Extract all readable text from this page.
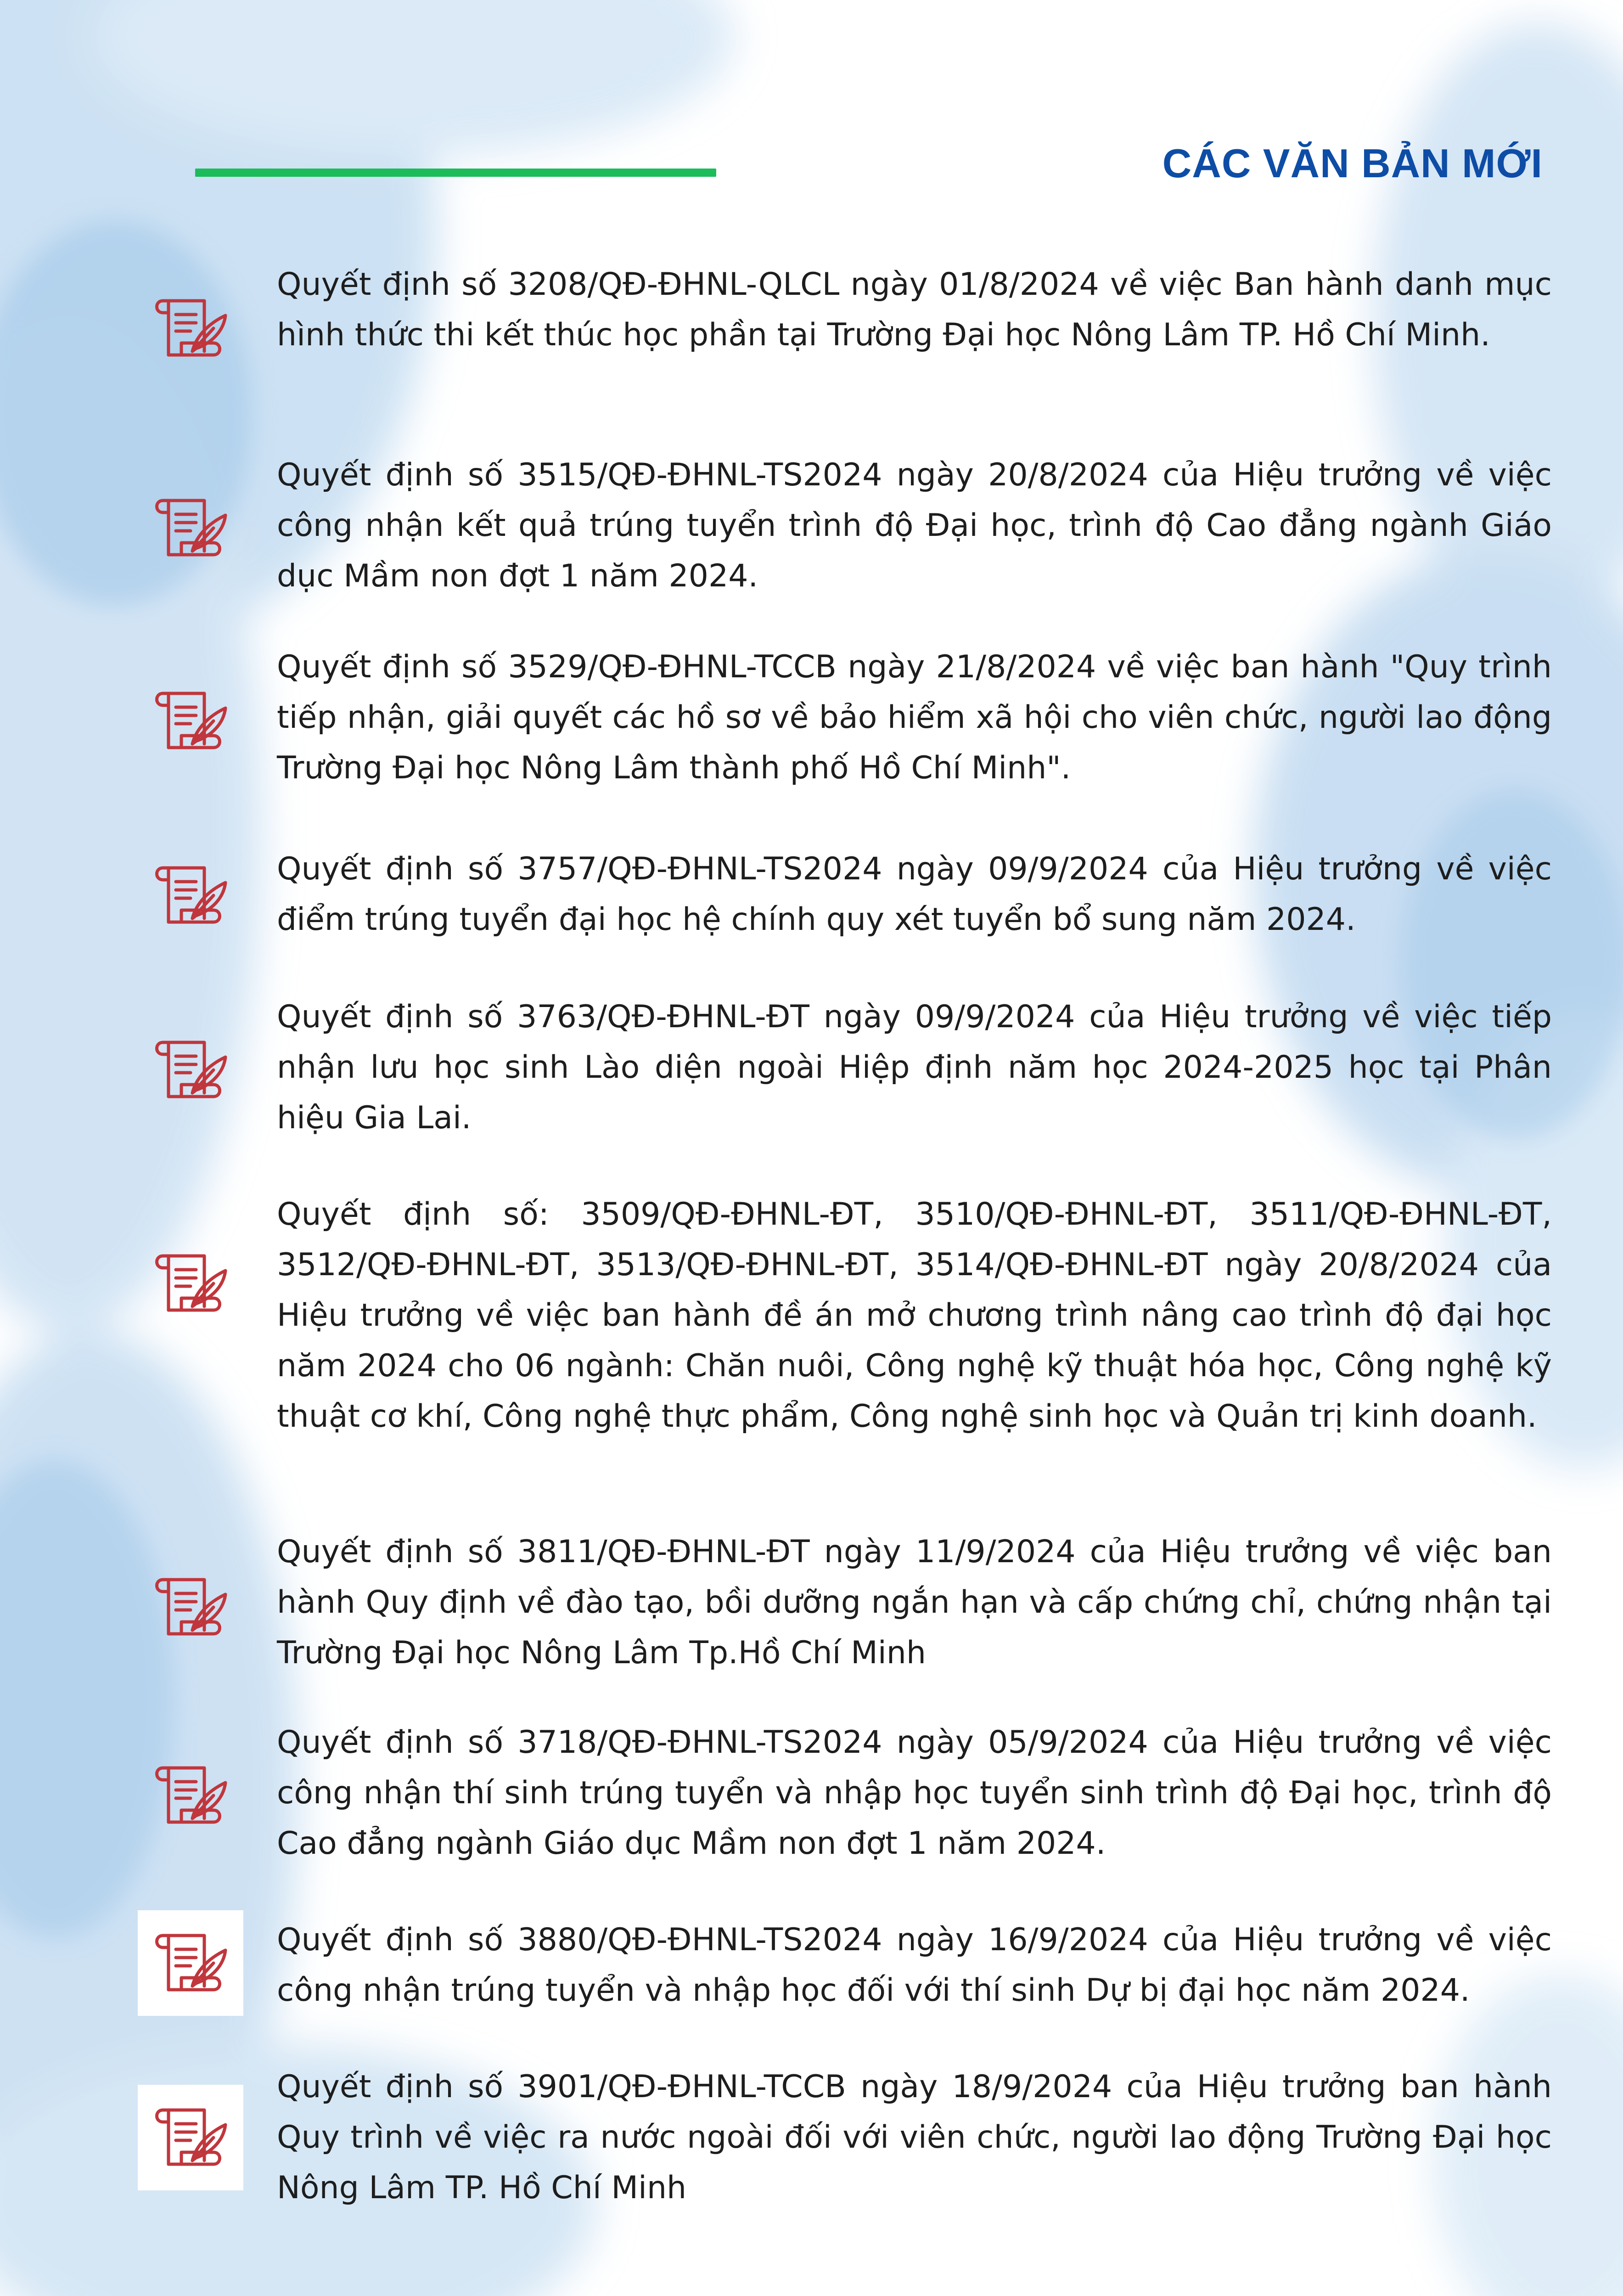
CÁC VĂN BẢN MỚI

Quyết định số 3208/QĐ-ĐHNL-QLCL ngày 01/8/2024 về việc Ban hành danh mục hình thức thi kết thúc học phần tại Trường Đại học Nông Lâm TP. Hồ Chí Minh.

Quyết định số 3515/QĐ-ĐHNL-TS2024 ngày 20/8/2024 của Hiệu trưởng về việc công nhận kết quả trúng tuyển trình độ Đại học, trình độ Cao đẳng ngành Giáo dục Mầm non đợt 1 năm 2024.

Quyết định số 3529/QĐ-ĐHNL-TCCB ngày 21/8/2024 về việc ban hành "Quy trình tiếp nhận, giải quyết các hồ sơ về bảo hiểm xã hội cho viên chức, người lao động Trường Đại học Nông Lâm thành phố Hồ Chí Minh".

Quyết định số 3757/QĐ-ĐHNL-TS2024 ngày 09/9/2024 của Hiệu trưởng về việc điểm trúng tuyển đại học hệ chính quy xét tuyển bổ sung năm 2024.

Quyết định số 3763/QĐ-ĐHNL-ĐT ngày 09/9/2024 của Hiệu trưởng về việc tiếp nhận lưu học sinh Lào diện ngoài Hiệp định năm học 2024-2025 học tại Phân hiệu Gia Lai.

Quyết định số: 3509/QĐ-ĐHNL-ĐT, 3510/QĐ-ĐHNL-ĐT, 3511/QĐ-ĐHNL-ĐT, 3512/QĐ-ĐHNL-ĐT, 3513/QĐ-ĐHNL-ĐT, 3514/QĐ-ĐHNL-ĐT ngày 20/8/2024 của Hiệu trưởng về việc ban hành đề án mở chương trình nâng cao trình độ đại học năm 2024 cho 06 ngành: Chăn nuôi, Công nghệ kỹ thuật hóa học, Công nghệ kỹ thuật cơ khí, Công nghệ thực phẩm, Công nghệ sinh học và Quản trị kinh doanh.

Quyết định số 3811/QĐ-ĐHNL-ĐT ngày 11/9/2024 của Hiệu trưởng về việc ban hành Quy định về đào tạo, bồi dưỡng ngắn hạn và cấp chứng chỉ, chứng nhận tại Trường Đại học Nông Lâm Tp.Hồ Chí Minh

Quyết định số 3718/QĐ-ĐHNL-TS2024 ngày 05/9/2024 của Hiệu trưởng về việc công nhận thí sinh trúng tuyển và nhập học tuyển sinh trình độ Đại học, trình độ Cao đẳng ngành Giáo dục Mầm non đợt 1 năm 2024.

Quyết định số 3880/QĐ-ĐHNL-TS2024 ngày 16/9/2024 của Hiệu trưởng về việc công nhận trúng tuyển và nhập học đối với thí sinh Dự bị đại học năm 2024.

Quyết định số 3901/QĐ-ĐHNL-TCCB ngày 18/9/2024 của Hiệu trưởng ban hành Quy trình về việc ra nước ngoài đối với viên chức, người lao động Trường Đại học Nông Lâm TP. Hồ Chí Minh
